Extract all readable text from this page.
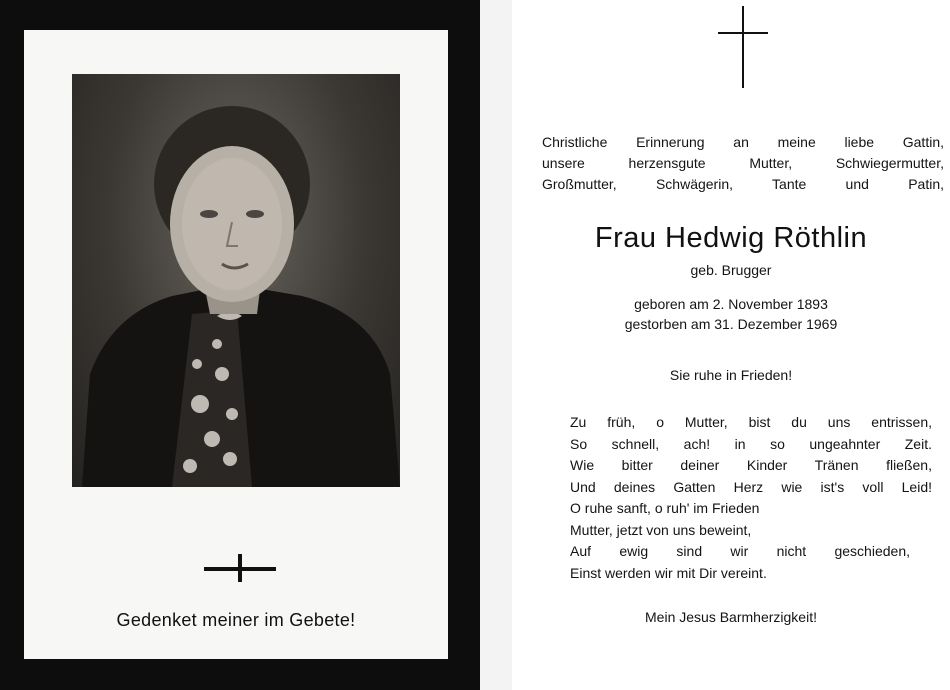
Gedenket meiner im Gebete!
Christliche Erinnerung an meine liebe Gattin,
unsere herzensgute Mutter, Schwiegermutter,
Großmutter, Schwägerin, Tante und Patin,
Frau Hedwig Röthlin
geb. Brugger
geboren am 2. November 1893
gestorben am 31. Dezember 1969
Sie ruhe in Frieden!
Zu früh, o Mutter, bist du uns entrissen,
So schnell, ach! in so ungeahnter Zeit.
Wie bitter deiner Kinder Tränen fließen,
Und deines Gatten Herz wie ist's voll Leid!
O ruhe sanft, o ruh' im Frieden
Mutter, jetzt von uns beweint,
Auf ewig sind wir nicht geschieden,
Einst werden wir mit Dir vereint.
Mein Jesus Barmherzigkeit!
